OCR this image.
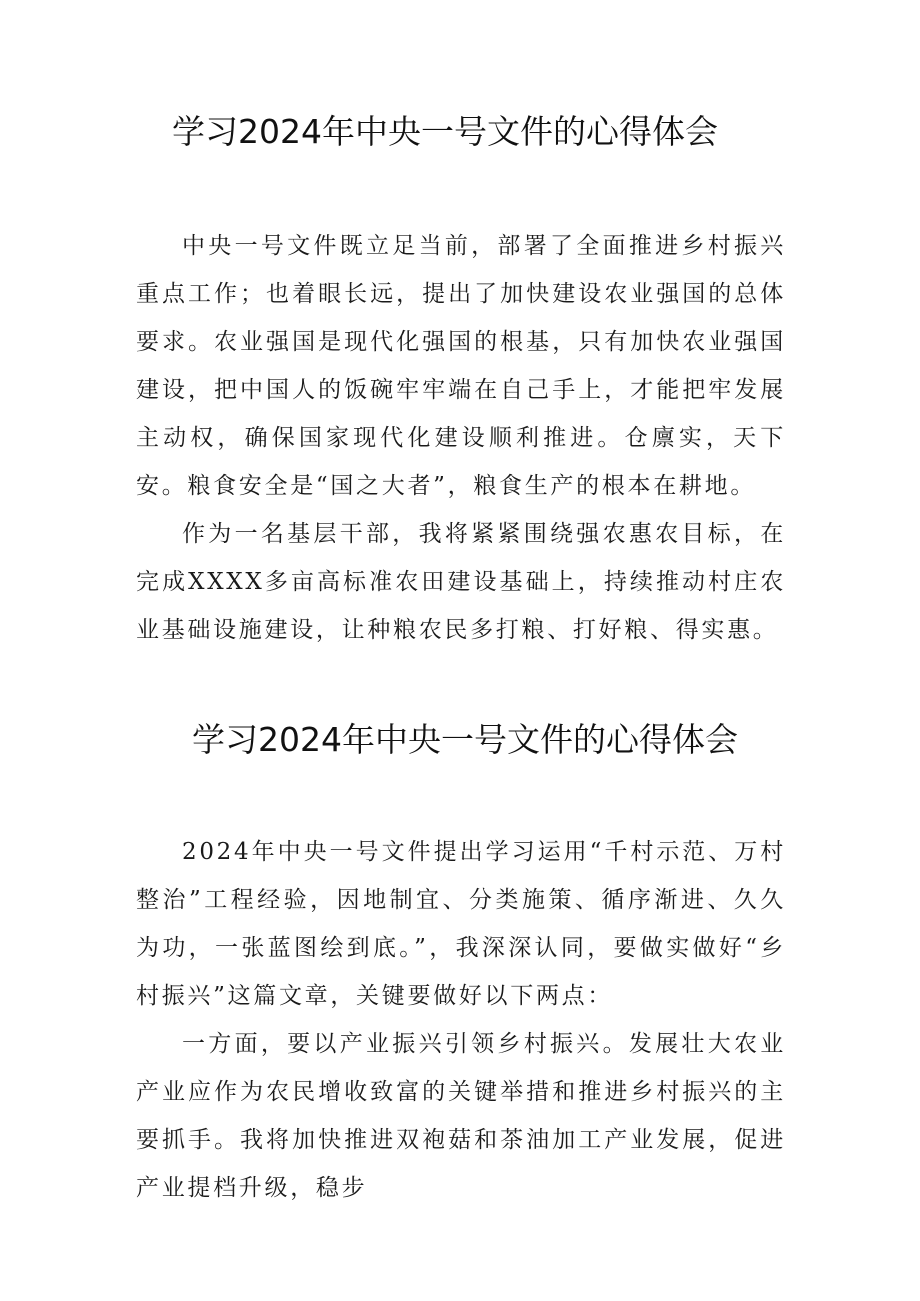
学习2024年中央一号文件的心得体会

中央一号文件既立足当前，部署了全面推进乡村振兴重点工作；也着眼长远，提出了加快建设农业强国的总体要求。农业强国是现代化强国的根基，只有加快农业强国建设，把中国人的饭碗牢牢端在自己手上，才能把牢发展主动权，确保国家现代化建设顺利推进。仓廪实，天下安。粮食安全是“国之大者”，粮食生产的根本在耕地。

作为一名基层干部，我将紧紧围绕强农惠农目标，在完成XXXX多亩高标准农田建设基础上，持续推动村庄农业基础设施建设，让种粮农民多打粮、打好粮、得实惠。

学习2024年中央一号文件的心得体会

2024年中央一号文件提出学习运用“千村示范、万村整治”工程经验，因地制宜、分类施策、循序渐进、久久为功，一张蓝图绘到底。”，我深深认同，要做实做好“乡村振兴”这篇文章，关键要做好以下两点：

一方面，要以产业振兴引领乡村振兴。发展壮大农业产业应作为农民增收致富的关键举措和推进乡村振兴的主要抓手。我将加快推进双袍菇和茶油加工产业发展，促进产业提档升级，稳步
